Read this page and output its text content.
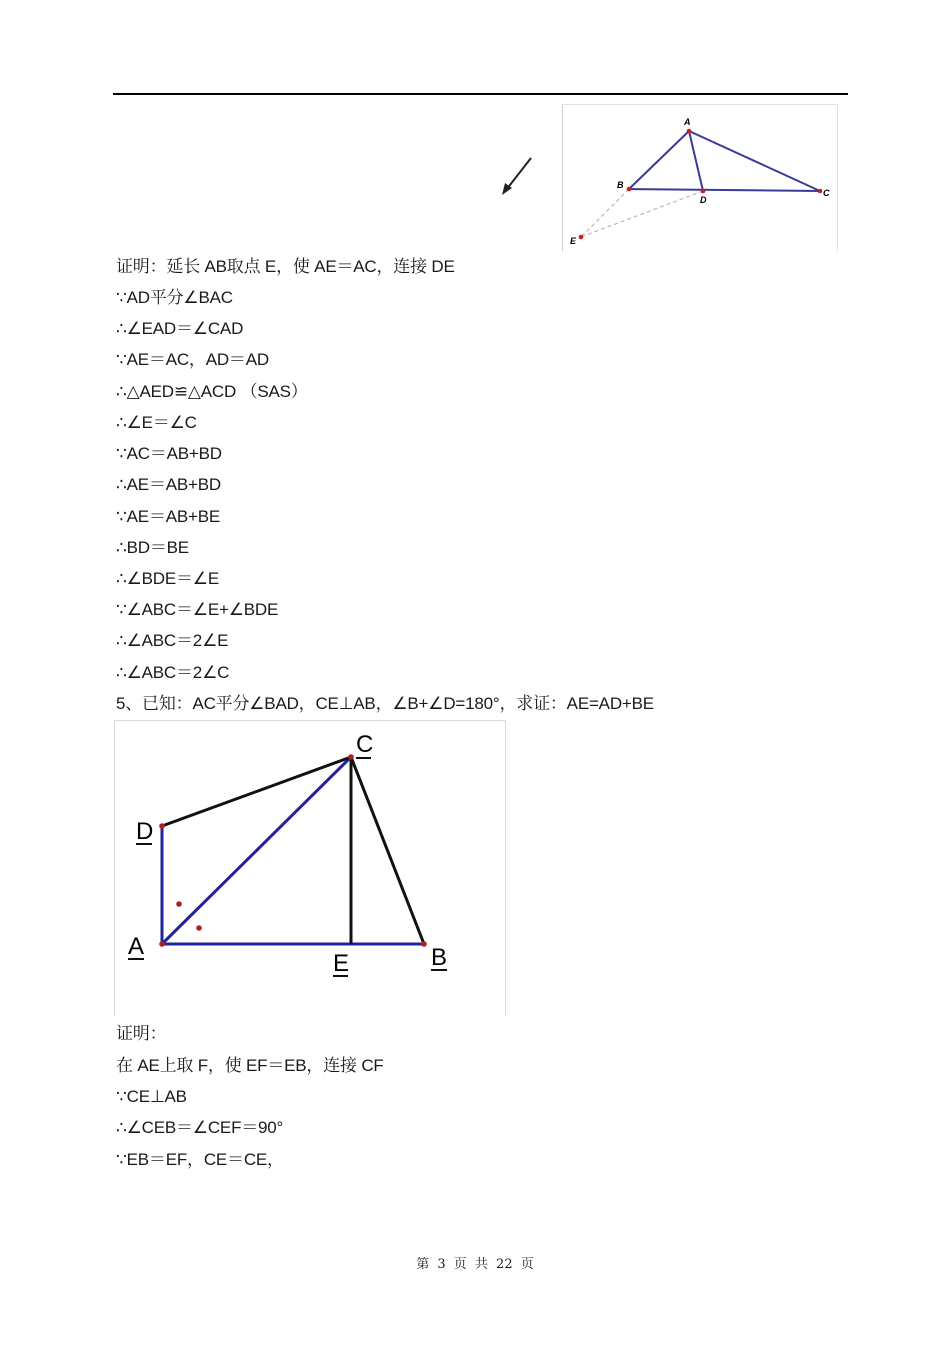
A
B
D
C
E
证明：延长 AB取点 E，使 AE＝AC，连接 DE
∵AD平分∠BAC
∴∠EAD＝∠CAD
∵AE＝AC，AD＝AD
∴△AED≌△ACD （SAS）
∴∠E＝∠C
∵AC＝AB+BD
∴AE＝AB+BD
∵AE＝AB+BE
∴BD＝BE
∴∠BDE＝∠E
∵∠ABC＝∠E+∠BDE
∴∠ABC＝2∠E
∴∠ABC＝2∠C
5、已知：AC平分∠BAD，CE⊥AB，∠B+∠D=180°，求证：AE=AD+BE
C
D
A
E	B
证明：
在 AE上取 F，使 EF＝EB，连接 CF
∵CE⊥AB
∴∠CEB＝∠CEF＝90°
∵EB＝EF，CE＝CE，
第 3 页 共 22 页
